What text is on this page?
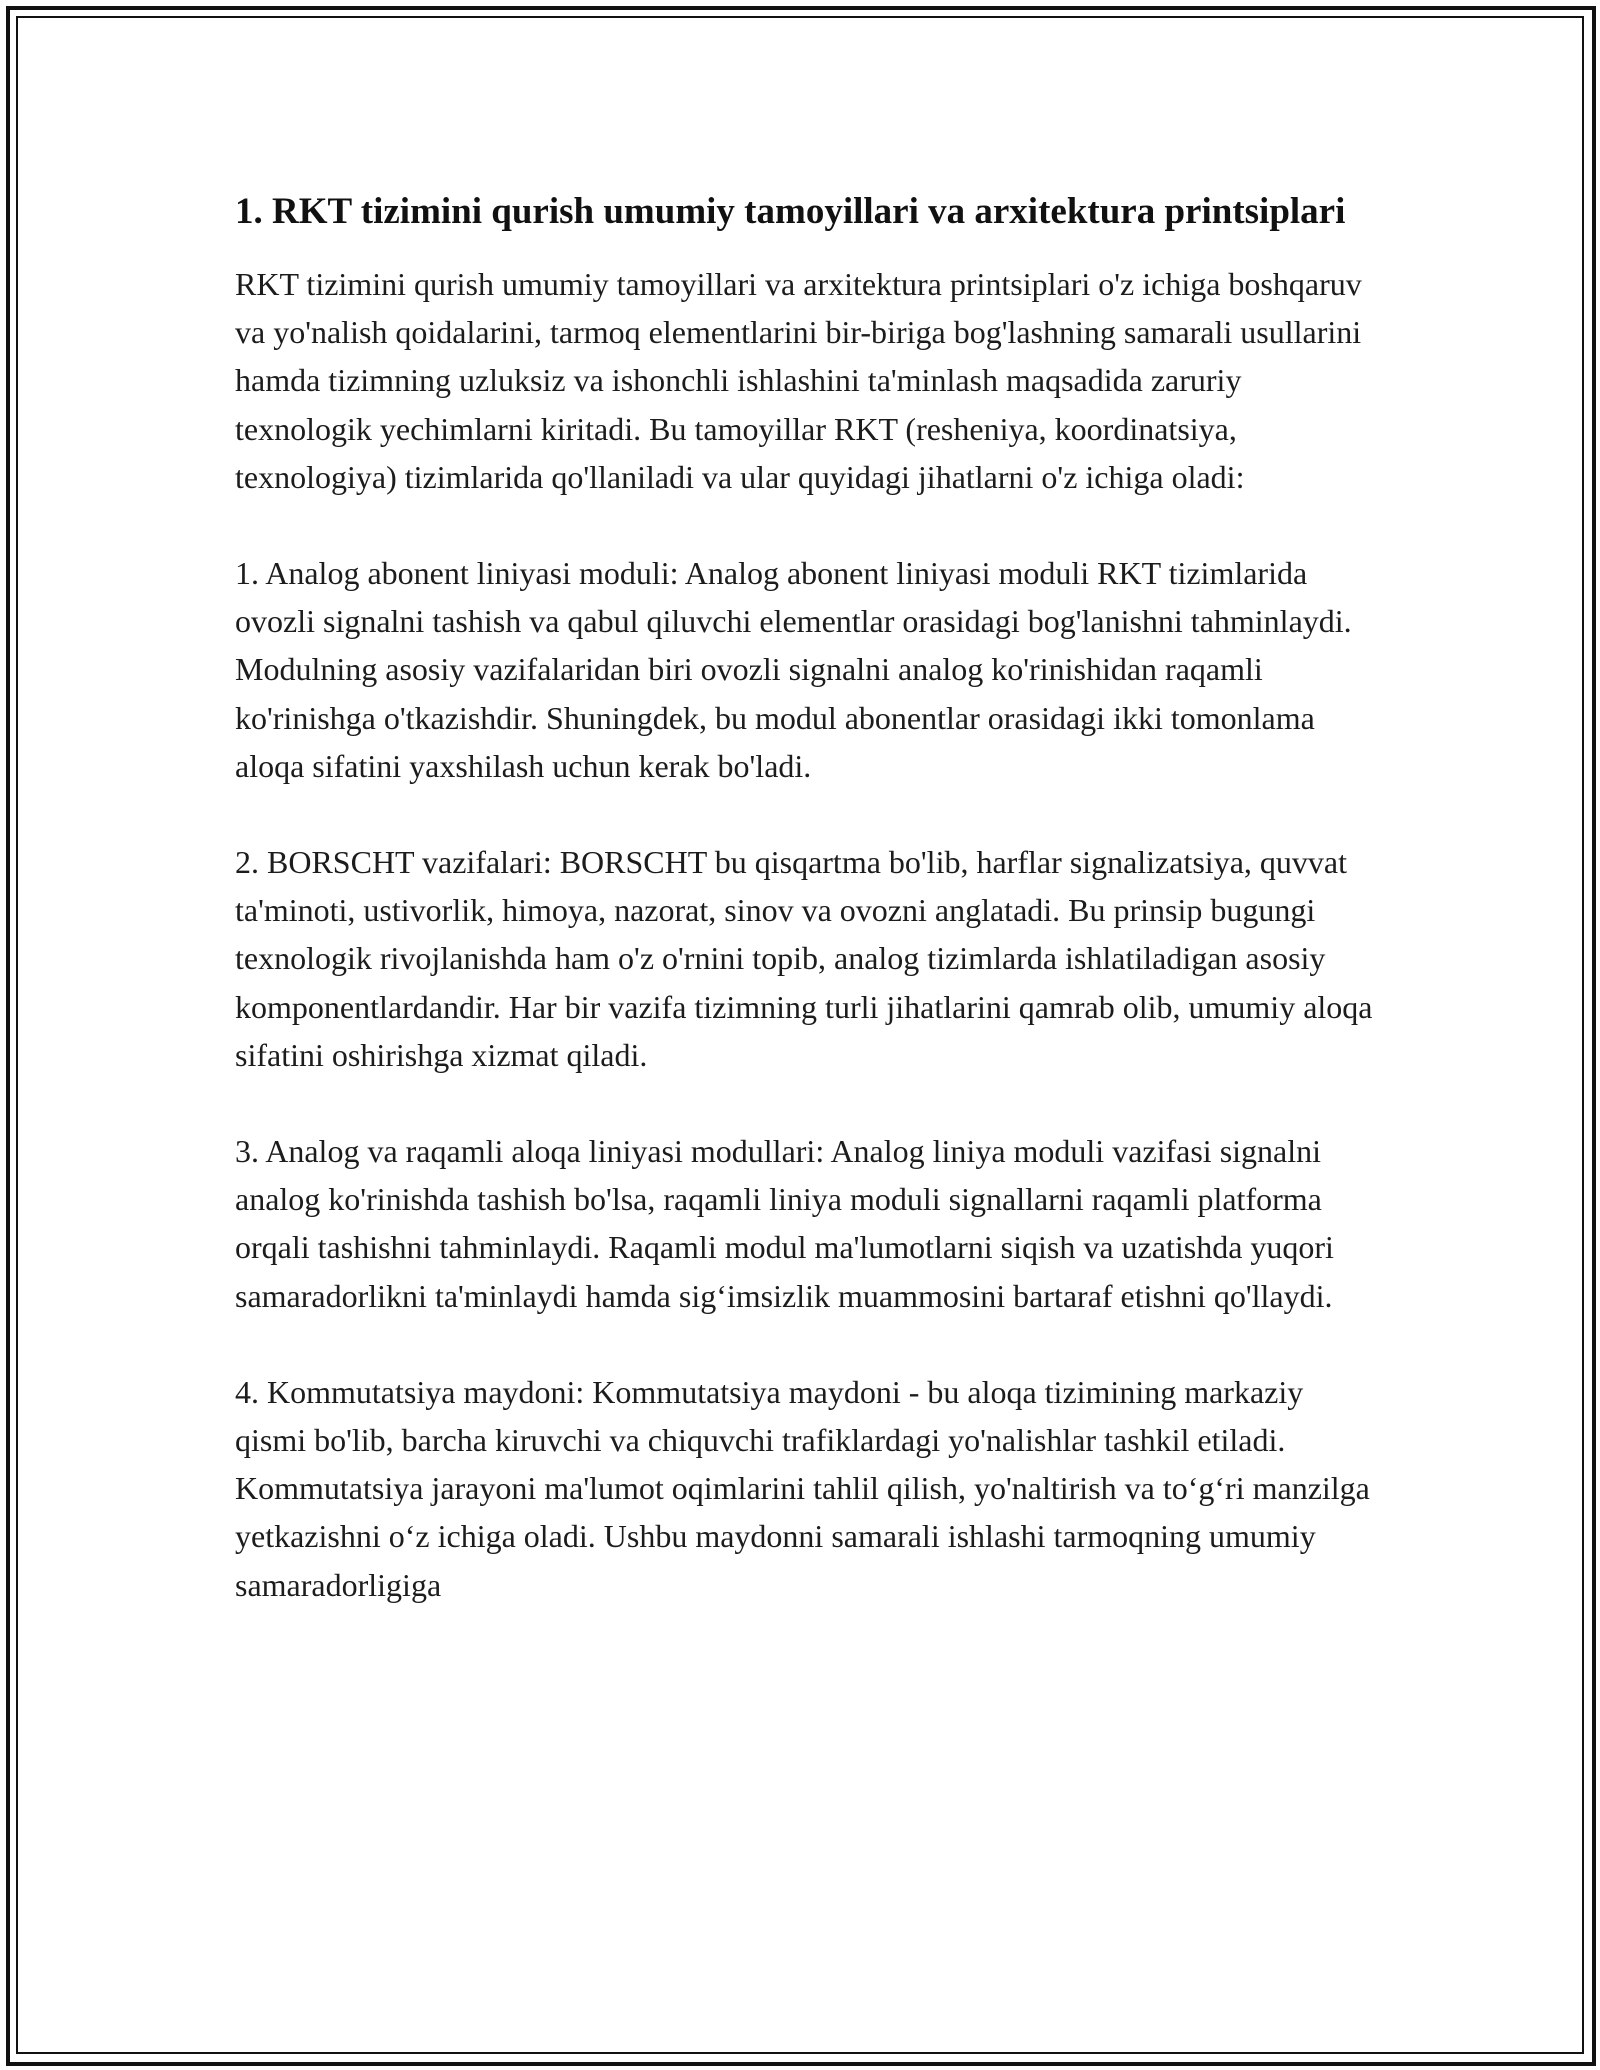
1. RKT tizimini qurish umumiy tamoyillari va arxitektura printsiplari

RKT tizimini qurish umumiy tamoyillari va arxitektura printsiplari o'z ichiga boshqaruv va yo'nalish qoidalarini, tarmoq elementlarini bir-biriga bog'lashning samarali usullarini hamda tizimning uzluksiz va ishonchli ishlashini ta'minlash maqsadida zaruriy texnologik yechimlarni kiritadi. Bu tamoyillar RKT (resheniya, koordinatsiya, texnologiya) tizimlarida qo'llaniladi va ular quyidagi jihatlarni o'z ichiga oladi:

1. Analog abonent liniyasi moduli: Analog abonent liniyasi moduli RKT tizimlarida ovozli signalni tashish va qabul qiluvchi elementlar orasidagi bog'lanishni tahminlaydi. Modulning asosiy vazifalaridan biri ovozli signalni analog ko'rinishidan raqamli ko'rinishga o'tkazishdir. Shuningdek, bu modul abonentlar orasidagi ikki tomonlama aloqa sifatini yaxshilash uchun kerak bo'ladi.

2. BORSCHT vazifalari: BORSCHT bu qisqartma bo'lib, harflar signalizatsiya, quvvat ta'minoti, ustivorlik, himoya, nazorat, sinov va ovozni anglatadi. Bu prinsip bugungi texnologik rivojlanishda ham o'z o'rnini topib, analog tizimlarda ishlatiladigan asosiy komponentlardandir. Har bir vazifa tizimning turli jihatlarini qamrab olib, umumiy aloqa sifatini oshirishga xizmat qiladi.

3. Analog va raqamli aloqa liniyasi modullari: Analog liniya moduli vazifasi signalni analog ko'rinishda tashish bo'lsa, raqamli liniya moduli signallarni raqamli platforma orqali tashishni tahminlaydi. Raqamli modul ma'lumotlarni siqish va uzatishda yuqori samaradorlikni ta'minlaydi hamda sig‘imsizlik muammosini bartaraf etishni qo'llaydi.

4. Kommutatsiya maydoni: Kommutatsiya maydoni - bu aloqa tizimining markaziy qismi bo'lib, barcha kiruvchi va chiquvchi trafiklardagi yo'nalishlar tashkil etiladi. Kommutatsiya jarayoni ma'lumot oqimlarini tahlil qilish, yo'naltirish va to‘g‘ri manzilga yetkazishni o‘z ichiga oladi. Ushbu maydonni samarali ishlashi tarmoqning umumiy samaradorligiga
